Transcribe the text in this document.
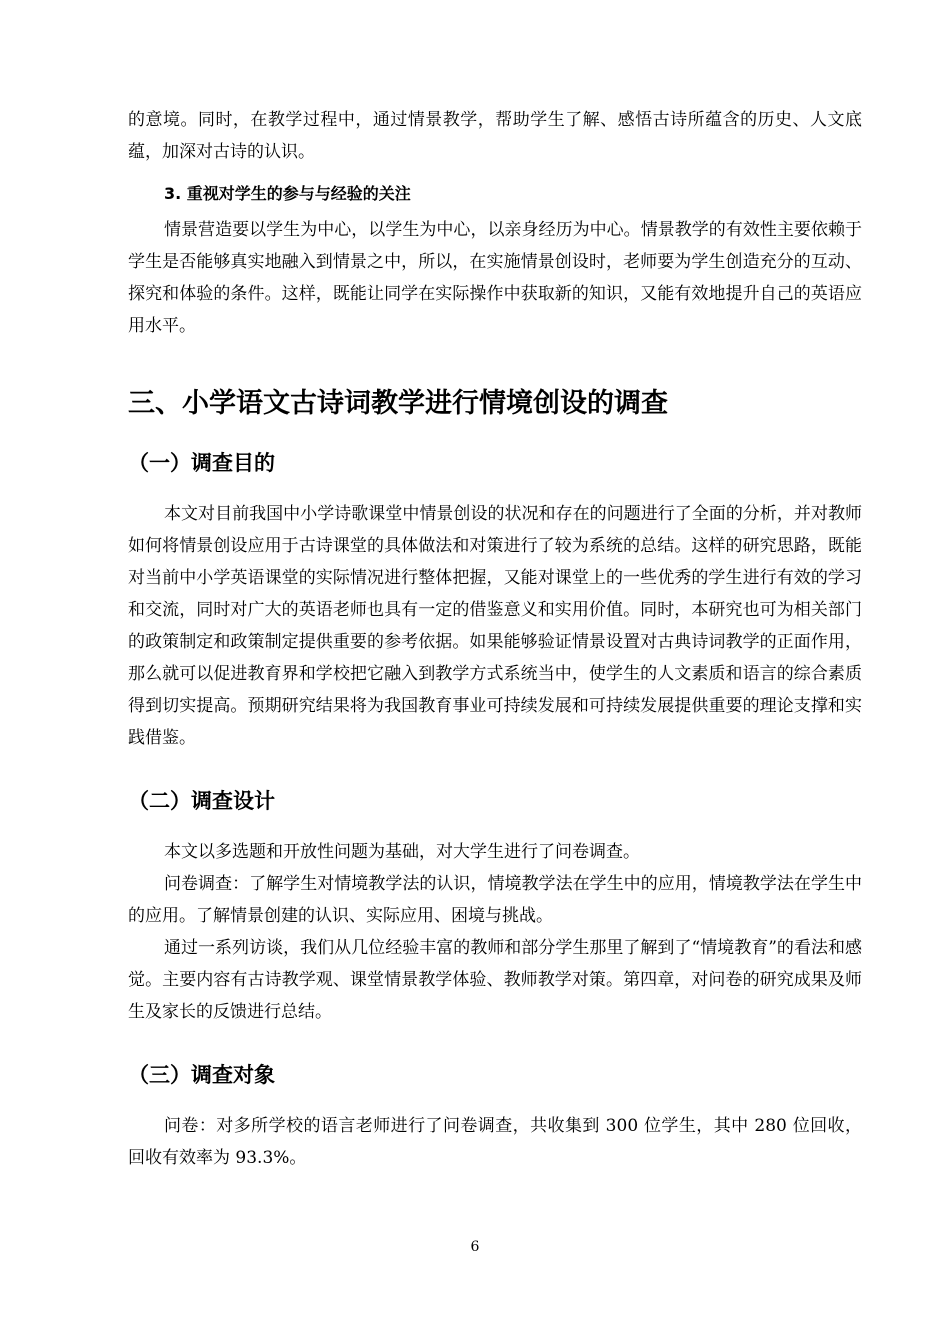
的意境。同时，在教学过程中，通过情景教学，帮助学生了解、感悟古诗所蕴含的历史、人文底蕴，加深对古诗的认识。

3. 重视对学生的参与与经验的关注

情景营造要以学生为中心，以学生为中心，以亲身经历为中心。情景教学的有效性主要依赖于学生是否能够真实地融入到情景之中，所以，在实施情景创设时，老师要为学生创造充分的互动、探究和体验的条件。这样，既能让同学在实际操作中获取新的知识，又能有效地提升自己的英语应用水平。

三、小学语文古诗词教学进行情境创设的调查
（一）调查目的

本文对目前我国中小学诗歌课堂中情景创设的状况和存在的问题进行了全面的分析，并对教师如何将情景创设应用于古诗课堂的具体做法和对策进行了较为系统的总结。这样的研究思路，既能对当前中小学英语课堂的实际情况进行整体把握，又能对课堂上的一些优秀的学生进行有效的学习和交流，同时对广大的英语老师也具有一定的借鉴意义和实用价值。同时，本研究也可为相关部门的政策制定和政策制定提供重要的参考依据。如果能够验证情景设置对古典诗词教学的正面作用，那么就可以促进教育界和学校把它融入到教学方式系统当中，使学生的人文素质和语言的综合素质得到切实提高。预期研究结果将为我国教育事业可持续发展和可持续发展提供重要的理论支撑和实践借鉴。

（二）调查设计

本文以多选题和开放性问题为基础，对大学生进行了问卷调查。

问卷调查：了解学生对情境教学法的认识，情境教学法在学生中的应用，情境教学法在学生中的应用。了解情景创建的认识、实际应用、困境与挑战。

通过一系列访谈，我们从几位经验丰富的教师和部分学生那里了解到了“情境教育”的看法和感觉。主要内容有古诗教学观、课堂情景教学体验、教师教学对策。第四章，对问卷的研究成果及师生及家长的反馈进行总结。

（三）调查对象

问卷：对多所学校的语言老师进行了问卷调查，共收集到 300 位学生，其中 280 位回收，回收有效率为 93.3%。

6
